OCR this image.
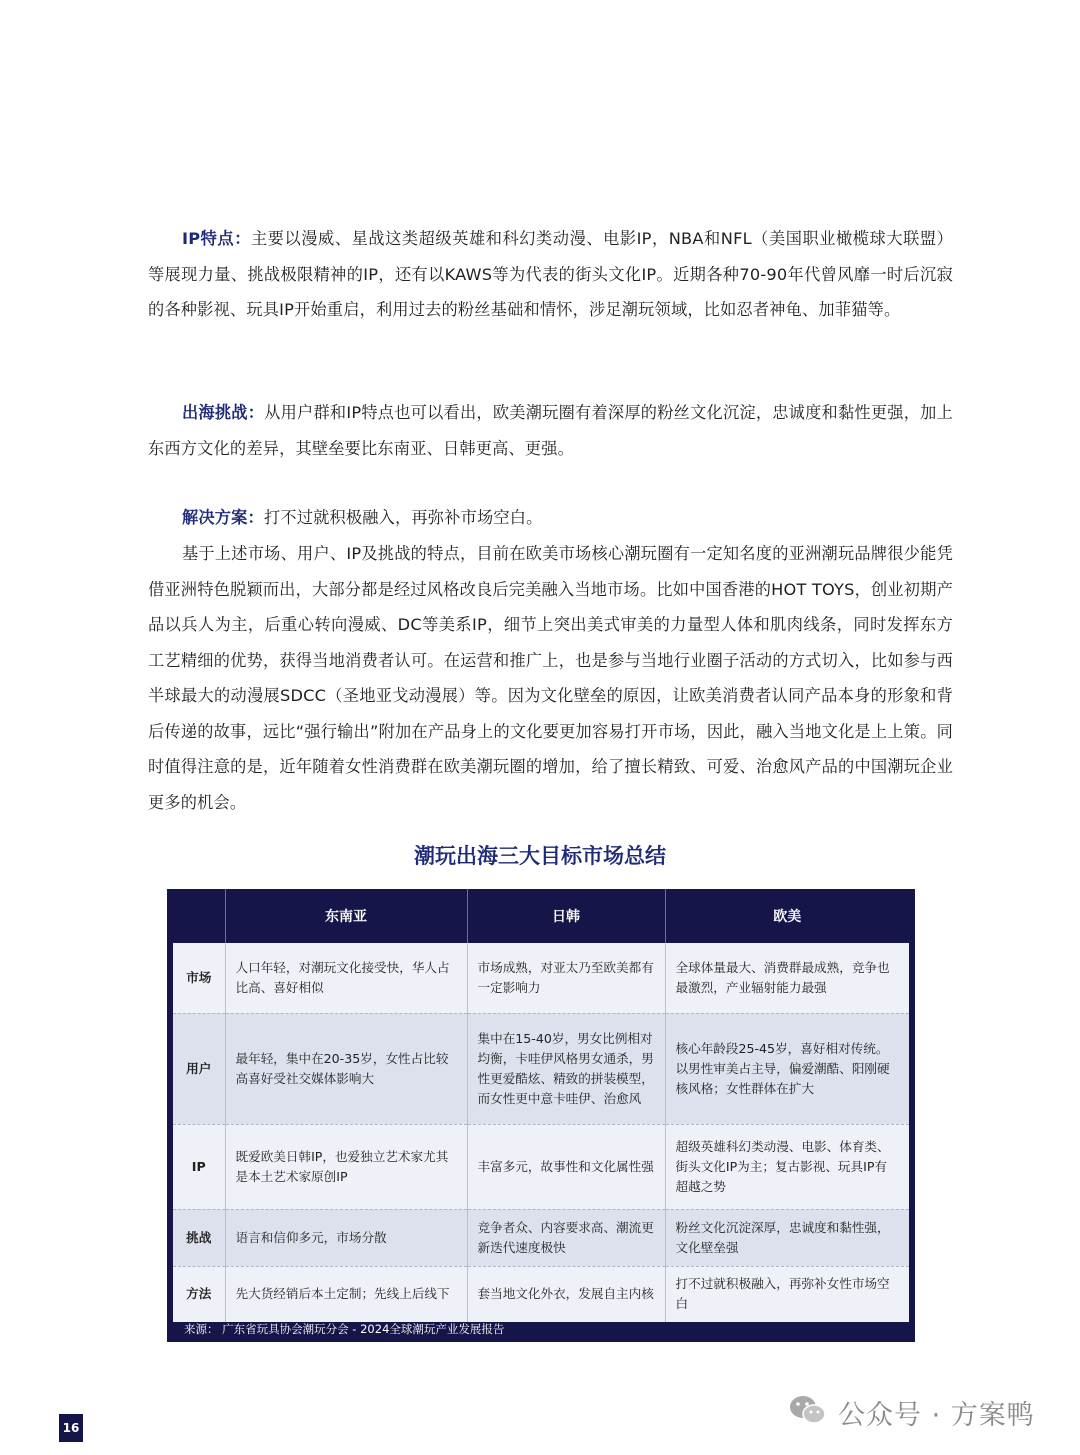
IP特点：主要以漫威、星战这类超级英雄和科幻类动漫、电影IP，NBA和NFL（美国职业橄榄球大联盟）等展现力量、挑战极限精神的IP，还有以KAWS等为代表的街头文化IP。近期各种70-90年代曾风靡一时后沉寂的各种影视、玩具IP开始重启，利用过去的粉丝基础和情怀，涉足潮玩领域，比如忍者神龟、加菲猫等。

出海挑战：从用户群和IP特点也可以看出，欧美潮玩圈有着深厚的粉丝文化沉淀，忠诚度和黏性更强，加上东西方文化的差异，其壁垒要比东南亚、日韩更高、更强。

解决方案：打不过就积极融入，再弥补市场空白。

基于上述市场、用户、IP及挑战的特点，目前在欧美市场核心潮玩圈有一定知名度的亚洲潮玩品牌很少能凭借亚洲特色脱颖而出，大部分都是经过风格改良后完美融入当地市场。比如中国香港的HOT TOYS，创业初期产品以兵人为主，后重心转向漫威、DC等美系IP，细节上突出美式审美的力量型人体和肌肉线条，同时发挥东方工艺精细的优势，获得当地消费者认可。在运营和推广上，也是参与当地行业圈子活动的方式切入，比如参与西半球最大的动漫展SDCC（圣地亚戈动漫展）等。因为文化壁垒的原因，让欧美消费者认同产品本身的形象和背后传递的故事，远比“强行输出”附加在产品身上的文化要更加容易打开市场，因此，融入当地文化是上上策。同时值得注意的是，近年随着女性消费群在欧美潮玩圈的增加，给了擅长精致、可爱、治愈风产品的中国潮玩企业更多的机会。

潮玩出海三大目标市场总结
	东南亚	日韩	欧美
市场	人口年轻，对潮玩文化接受快，华人占比高、喜好相似	市场成熟，对亚太乃至欧美都有一定影响力	全球体量最大、消费群最成熟，竞争也最激烈，产业辐射能力最强
用户	最年轻，集中在20-35岁，女性占比较高喜好受社交媒体影响大	集中在15-40岁，男女比例相对均衡，卡哇伊风格男女通杀，男性更爱酷炫、精致的拼装模型，而女性更中意卡哇伊、治愈风	核心年龄段25-45岁，喜好相对传统。以男性审美占主导，偏爱潮酷、阳刚硬核风格；女性群体在扩大
IP	既爱欧美日韩IP，也爱独立艺术家尤其是本土艺术家原创IP	丰富多元，故事性和文化属性强	超级英雄科幻类动漫、电影、体育类、街头文化IP为主；复古影视、玩具IP有超越之势
挑战	语言和信仰多元，市场分散	竞争者众、内容要求高、潮流更新迭代速度极快	粉丝文化沉淀深厚，忠诚度和黏性强，文化壁垒强
方法	先大货经销后本土定制；先线上后线下	套当地文化外衣，发展自主内核	打不过就积极融入，再弥补女性市场空白

来源： 广东省玩具协会潮玩分会 - 2024全球潮玩产业发展报告

16	公众号 · 方案鸭
